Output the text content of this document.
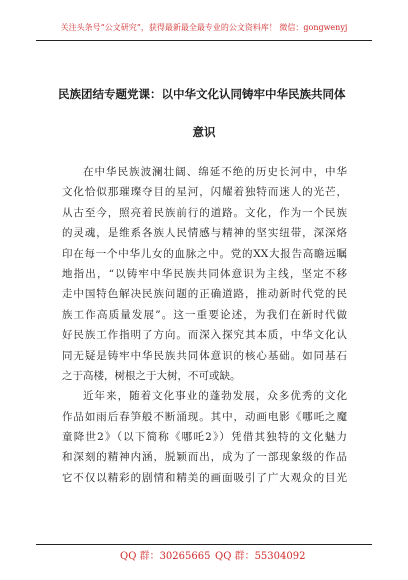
关注头条号“公文研究”，获得最新最全最专业的公文资料库！ 微信：gongwenyj
民族团结专题党课：以中华文化认同铸牢中华民族共同体
意识
在中华民族波澜壮阔、绵延不绝的历史长河中，中华
文化恰似那璀璨夺目的星河，闪耀着独特而迷人的光芒，
从古至今，照亮着民族前行的道路。文化，作为一个民族
的灵魂，是维系各族人民情感与精神的坚实纽带，深深烙
印在每一个中华儿女的血脉之中。党的XX大报告高瞻远瞩
地指出，“以铸牢中华民族共同体意识为主线，坚定不移
走中国特色解决民族问题的正确道路，推动新时代党的民
族工作高质量发展”。这一重要论述，为我们在新时代做
好民族工作指明了方向。而深入探究其本质，中华文化认
同无疑是铸牢中华民族共同体意识的核心基础。如同基石
之于高楼，树根之于大树，不可或缺。
近年来，随着文化事业的蓬勃发展，众多优秀的文化
作品如雨后春笋般不断涌现。其中，动画电影《哪吒之魔
童降世2》（以下简称《哪吒2》）凭借其独特的文化魅力
和深刻的精神内涵，脱颖而出，成为了一部现象级的作品
它不仅以精彩的剧情和精美的画面吸引了广大观众的目光
QQ 群：30265665 QQ 群：55304092
